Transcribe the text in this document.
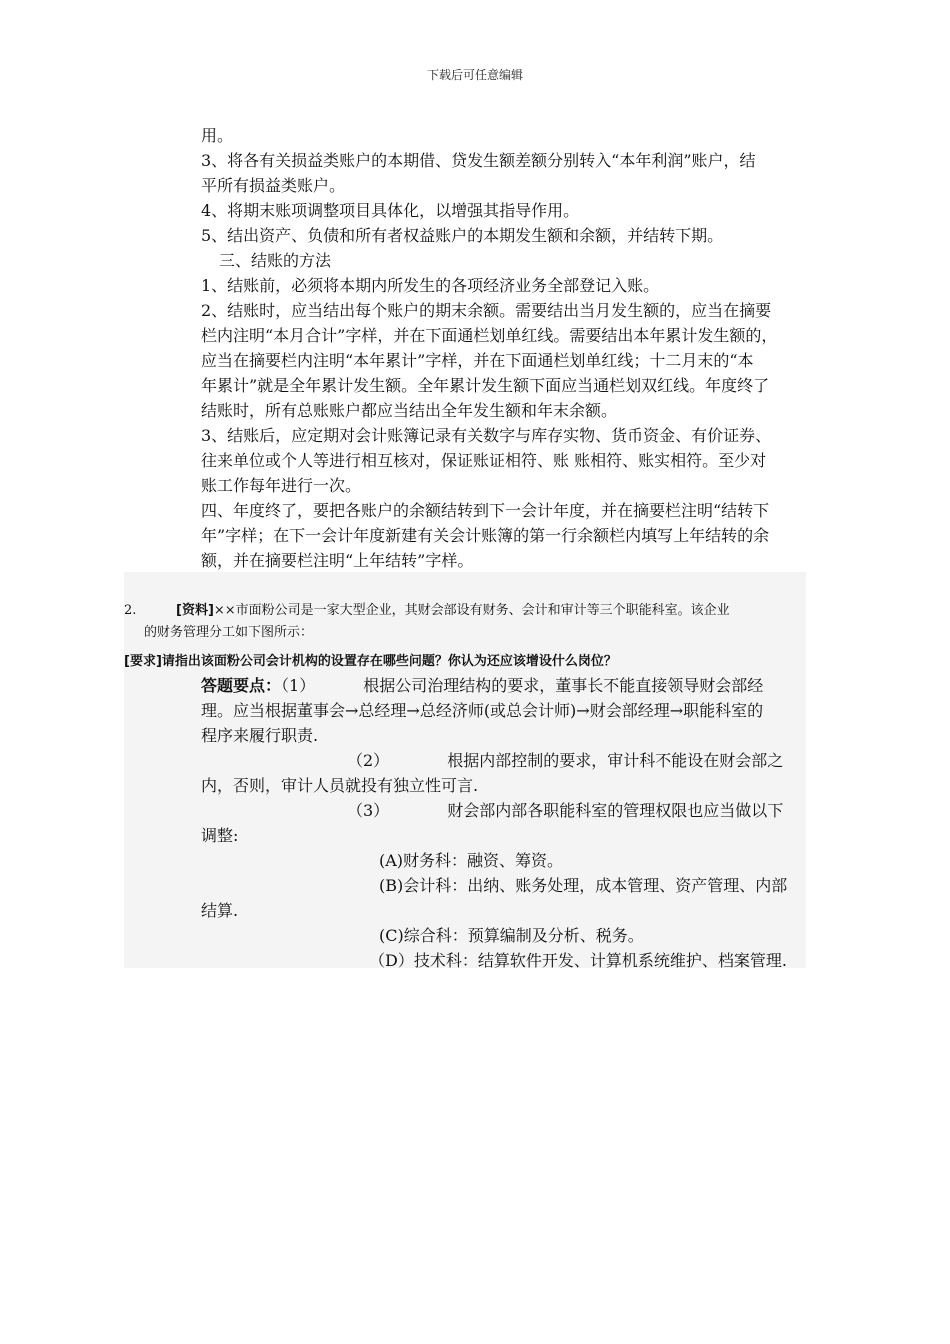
下载后可任意编辑

用。

3、将各有关损益类账户的本期借、贷发生额差额分别转入“本年利润”账户，结

平所有损益类账户。

4、将期末账项调整项目具体化，以增强其指导作用。

5、结出资产、负债和所有者权益账户的本期发生额和余额，并结转下期。

三、结账的方法

1、结账前，必须将本期内所发生的各项经济业务全部登记入账。

2、结账时，应当结出每个账户的期末余额。需要结出当月发生额的，应当在摘要

栏内注明“本月合计”字样，并在下面通栏划单红线。需要结出本年累计发生额的，

应当在摘要栏内注明“本年累计”字样，并在下面通栏划单红线；十二月末的“本

年累计”就是全年累计发生额。全年累计发生额下面应当通栏划双红线。年度终了

结账时，所有总账账户都应当结出全年发生额和年末余额。

3、结账后，应定期对会计账簿记录有关数字与库存实物、货币资金、有价证券、

往来单位或个人等进行相互核对，保证账证相符、账 账相符、账实相符。至少对

账工作每年进行一次。

四、年度终了，要把各账户的余额结转到下一会计年度，并在摘要栏注明“结转下

年”字样；在下一会计年度新建有关会计账簿的第一行余额栏内填写上年结转的余

额，并在摘要栏注明“上年结转”字样。

2.	[资料]××市面粉公司是一家大型企业，其财会部设有财务、会计和审计等三个职能科室。该企业
的财务管理分工如下图所示：
[要求]请指出该面粉公司会计机构的设置存在哪些问题？你认为还应该增设什么岗位？

答题要点：（1）	根据公司治理结构的要求，董事长不能直接领导财会部经

理。应当根据董事会→总经理→总经济师(或总会计师)→财会部经理→职能科室的

程序来履行职责.

（2）	根据内部控制的要求，审计科不能设在财会部之

内，否则，审计人员就投有独立性可言.

（3）	财会部内部各职能科室的管理权限也应当做以下

调整:

(A)财务科：融资、筹资。

(B)会计科：出纳、账务处理，成本管理、资产管理、内部

结算.

(C)综合科：预算编制及分析、税务。

（D）技术科：结算软件开发、计算机系统维护、档案管理.
